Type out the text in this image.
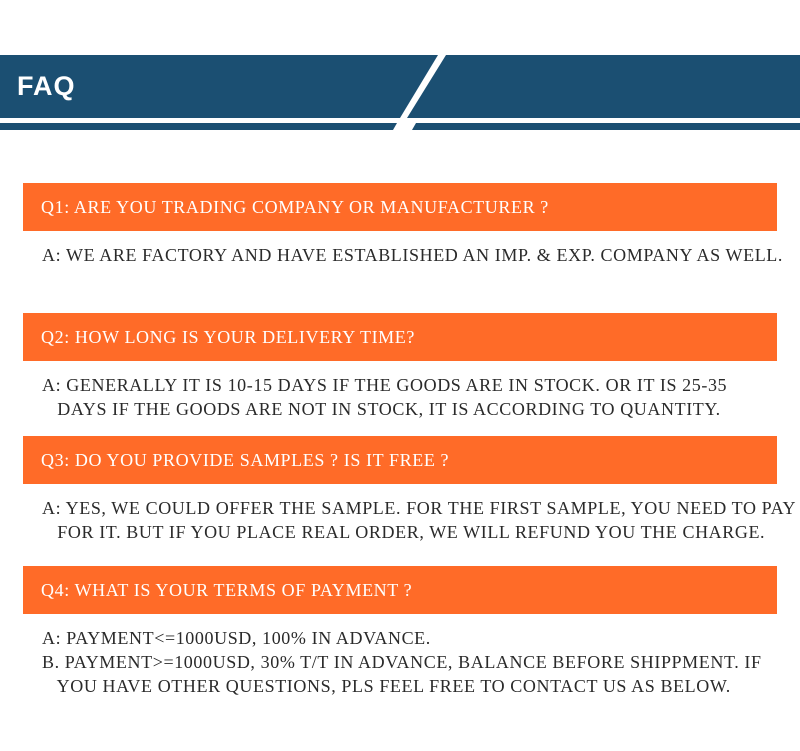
FAQ
Q1: ARE YOU TRADING COMPANY OR MANUFACTURER ?
A: WE ARE FACTORY AND HAVE ESTABLISHED AN IMP. & EXP. COMPANY AS WELL.
Q2: HOW LONG IS YOUR DELIVERY TIME?
A: GENERALLY IT IS 10-15 DAYS IF THE GOODS ARE IN STOCK. OR IT IS 25-35
DAYS IF THE GOODS ARE NOT IN STOCK, IT IS ACCORDING TO QUANTITY.
Q3: DO YOU PROVIDE SAMPLES ? IS IT FREE ?
A: YES, WE COULD OFFER THE SAMPLE. FOR THE FIRST SAMPLE, YOU NEED TO PAY
FOR IT. BUT IF YOU PLACE REAL ORDER, WE WILL REFUND YOU THE CHARGE.
Q4: WHAT IS YOUR TERMS OF PAYMENT ?
A: PAYMENT<=1000USD, 100% IN ADVANCE.
B. PAYMENT>=1000USD, 30% T/T IN ADVANCE, BALANCE BEFORE SHIPPMENT. IF
YOU HAVE OTHER QUESTIONS, PLS FEEL FREE TO CONTACT US AS BELOW.
